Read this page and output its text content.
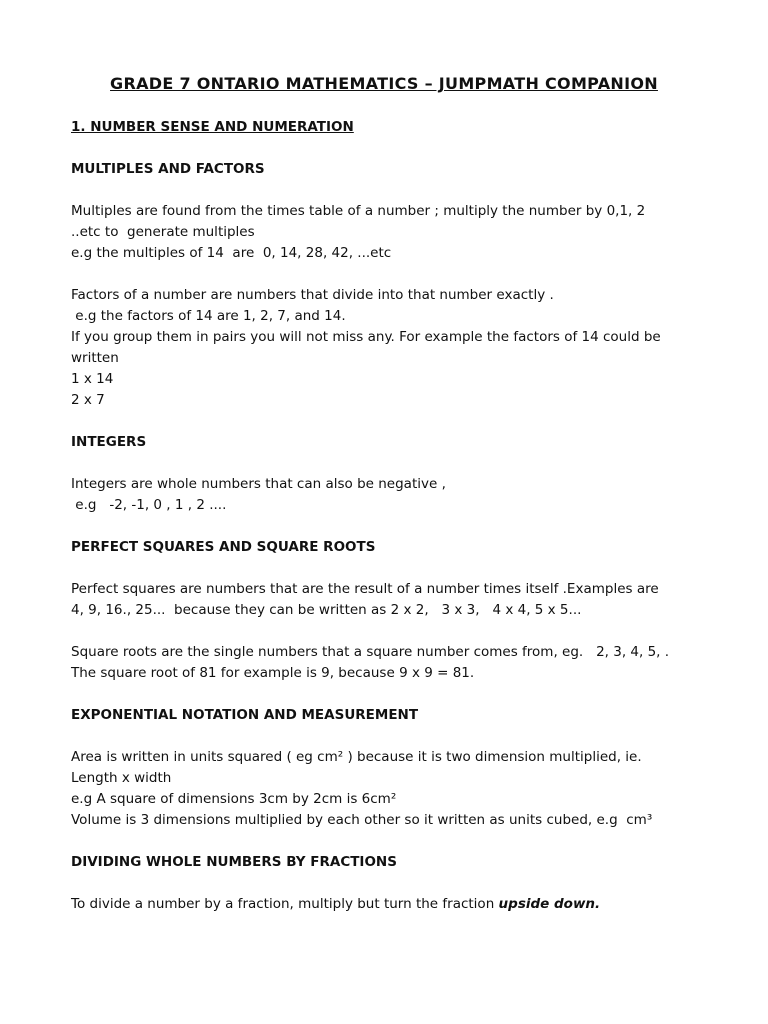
GRADE 7 ONTARIO MATHEMATICS – JUMPMATH COMPANION
1. NUMBER SENSE AND NUMERATION
MULTIPLES AND FACTORS
Multiples are found from the times table of a number ; multiply the number by 0,1, 2
..etc to  generate multiples
e.g the multiples of 14  are  0, 14, 28, 42, ...etc
Factors of a number are numbers that divide into that number exactly .
e.g the factors of 14 are 1, 2, 7, and 14.
If you group them in pairs you will not miss any. For example the factors of 14 could be
written
1 x 14
2 x 7
INTEGERS
Integers are whole numbers that can also be negative ,
e.g   -2, -1, 0 , 1 , 2 ....
PERFECT SQUARES AND SQUARE ROOTS
Perfect squares are numbers that are the result of a number times itself .Examples are
4, 9, 16., 25...  because they can be written as 2 x 2,   3 x 3,   4 x 4, 5 x 5...
Square roots are the single numbers that a square number comes from, eg.   2, 3, 4, 5, .
The square root of 81 for example is 9, because 9 x 9 = 81.
EXPONENTIAL NOTATION AND MEASUREMENT
Area is written in units squared ( eg cm² ) because it is two dimension multiplied, ie.
Length x width
e.g A square of dimensions 3cm by 2cm is 6cm²
Volume is 3 dimensions multiplied by each other so it written as units cubed, e.g  cm³
DIVIDING WHOLE NUMBERS BY FRACTIONS
To divide a number by a fraction, multiply but turn the fraction upside down.
